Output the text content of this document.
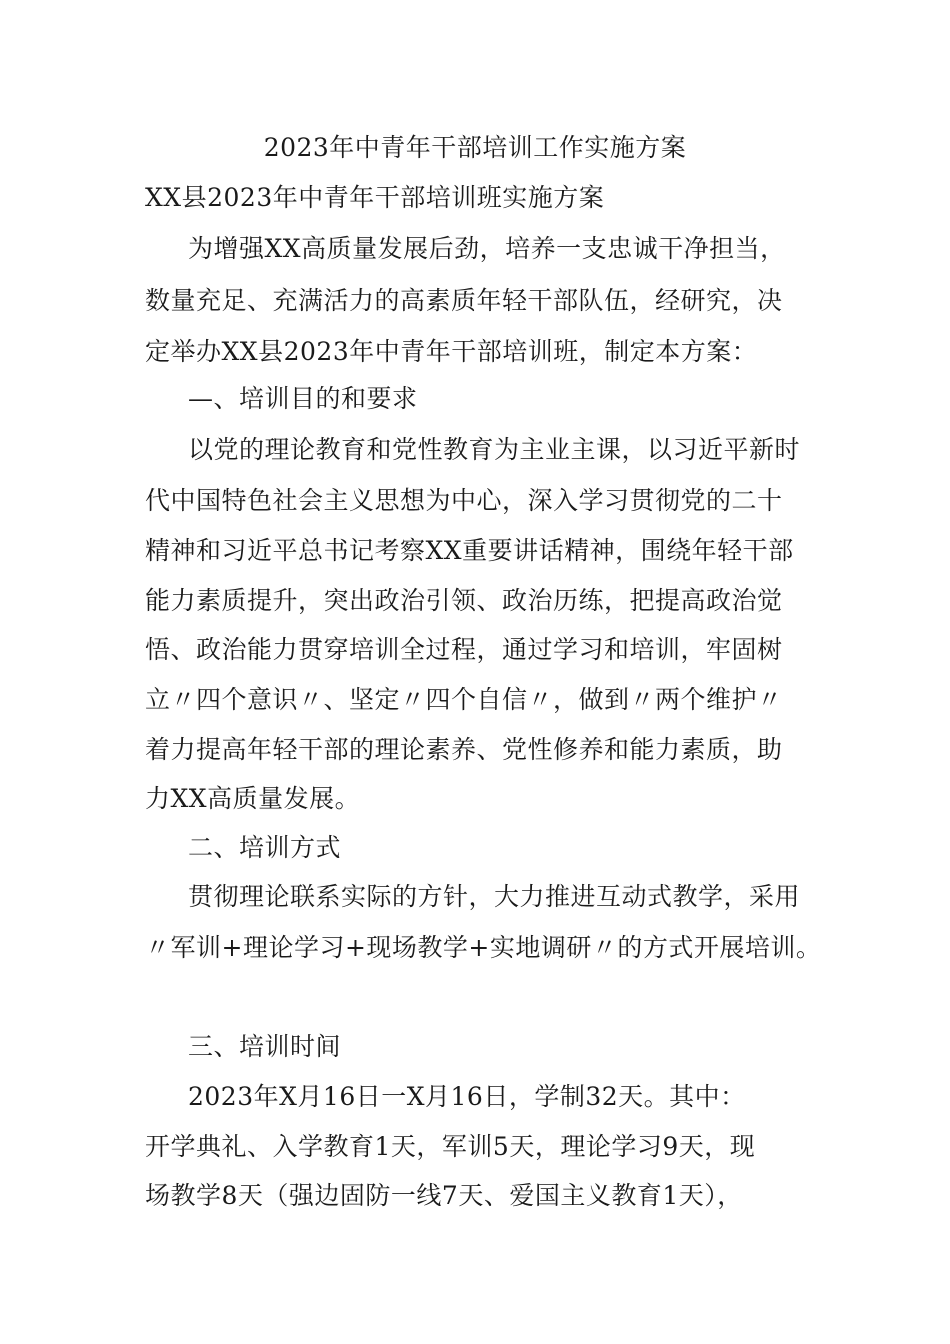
2023年中青年干部培训工作实施方案
XX县2023年中青年干部培训班实施方案
为增强XX高质量发展后劲，培养一支忠诚干净担当，
数量充足、充满活力的高素质年轻干部队伍，经研究，决
定举办XX县2023年中青年干部培训班，制定本方案：
—、培训目的和要求
以党的理论教育和党性教育为主业主课，以习近平新时
代中国特色社会主义思想为中心，深入学习贯彻党的二十
精神和习近平总书记考察XX重要讲话精神，围绕年轻干部
能力素质提升，突出政治引领、政治历练，把提高政治觉
悟、政治能力贯穿培训全过程，通过学习和培训，牢固树
立〃四个意识〃、坚定〃四个自信〃，做到〃两个维护〃
着力提高年轻干部的理论素养、党性修养和能力素质，助
力XX高质量发展。
二、培训方式
贯彻理论联系实际的方针，大力推进互动式教学，采用
〃军训+理论学习+现场教学+实地调研〃的方式开展培训。
三、培训时间
2023年X月16日一X月16日，学制32天。其中：
开学典礼、入学教育1天，军训5天，理论学习9天，现
场教学8天（强边固防一线7天、爱国主义教育1天），
